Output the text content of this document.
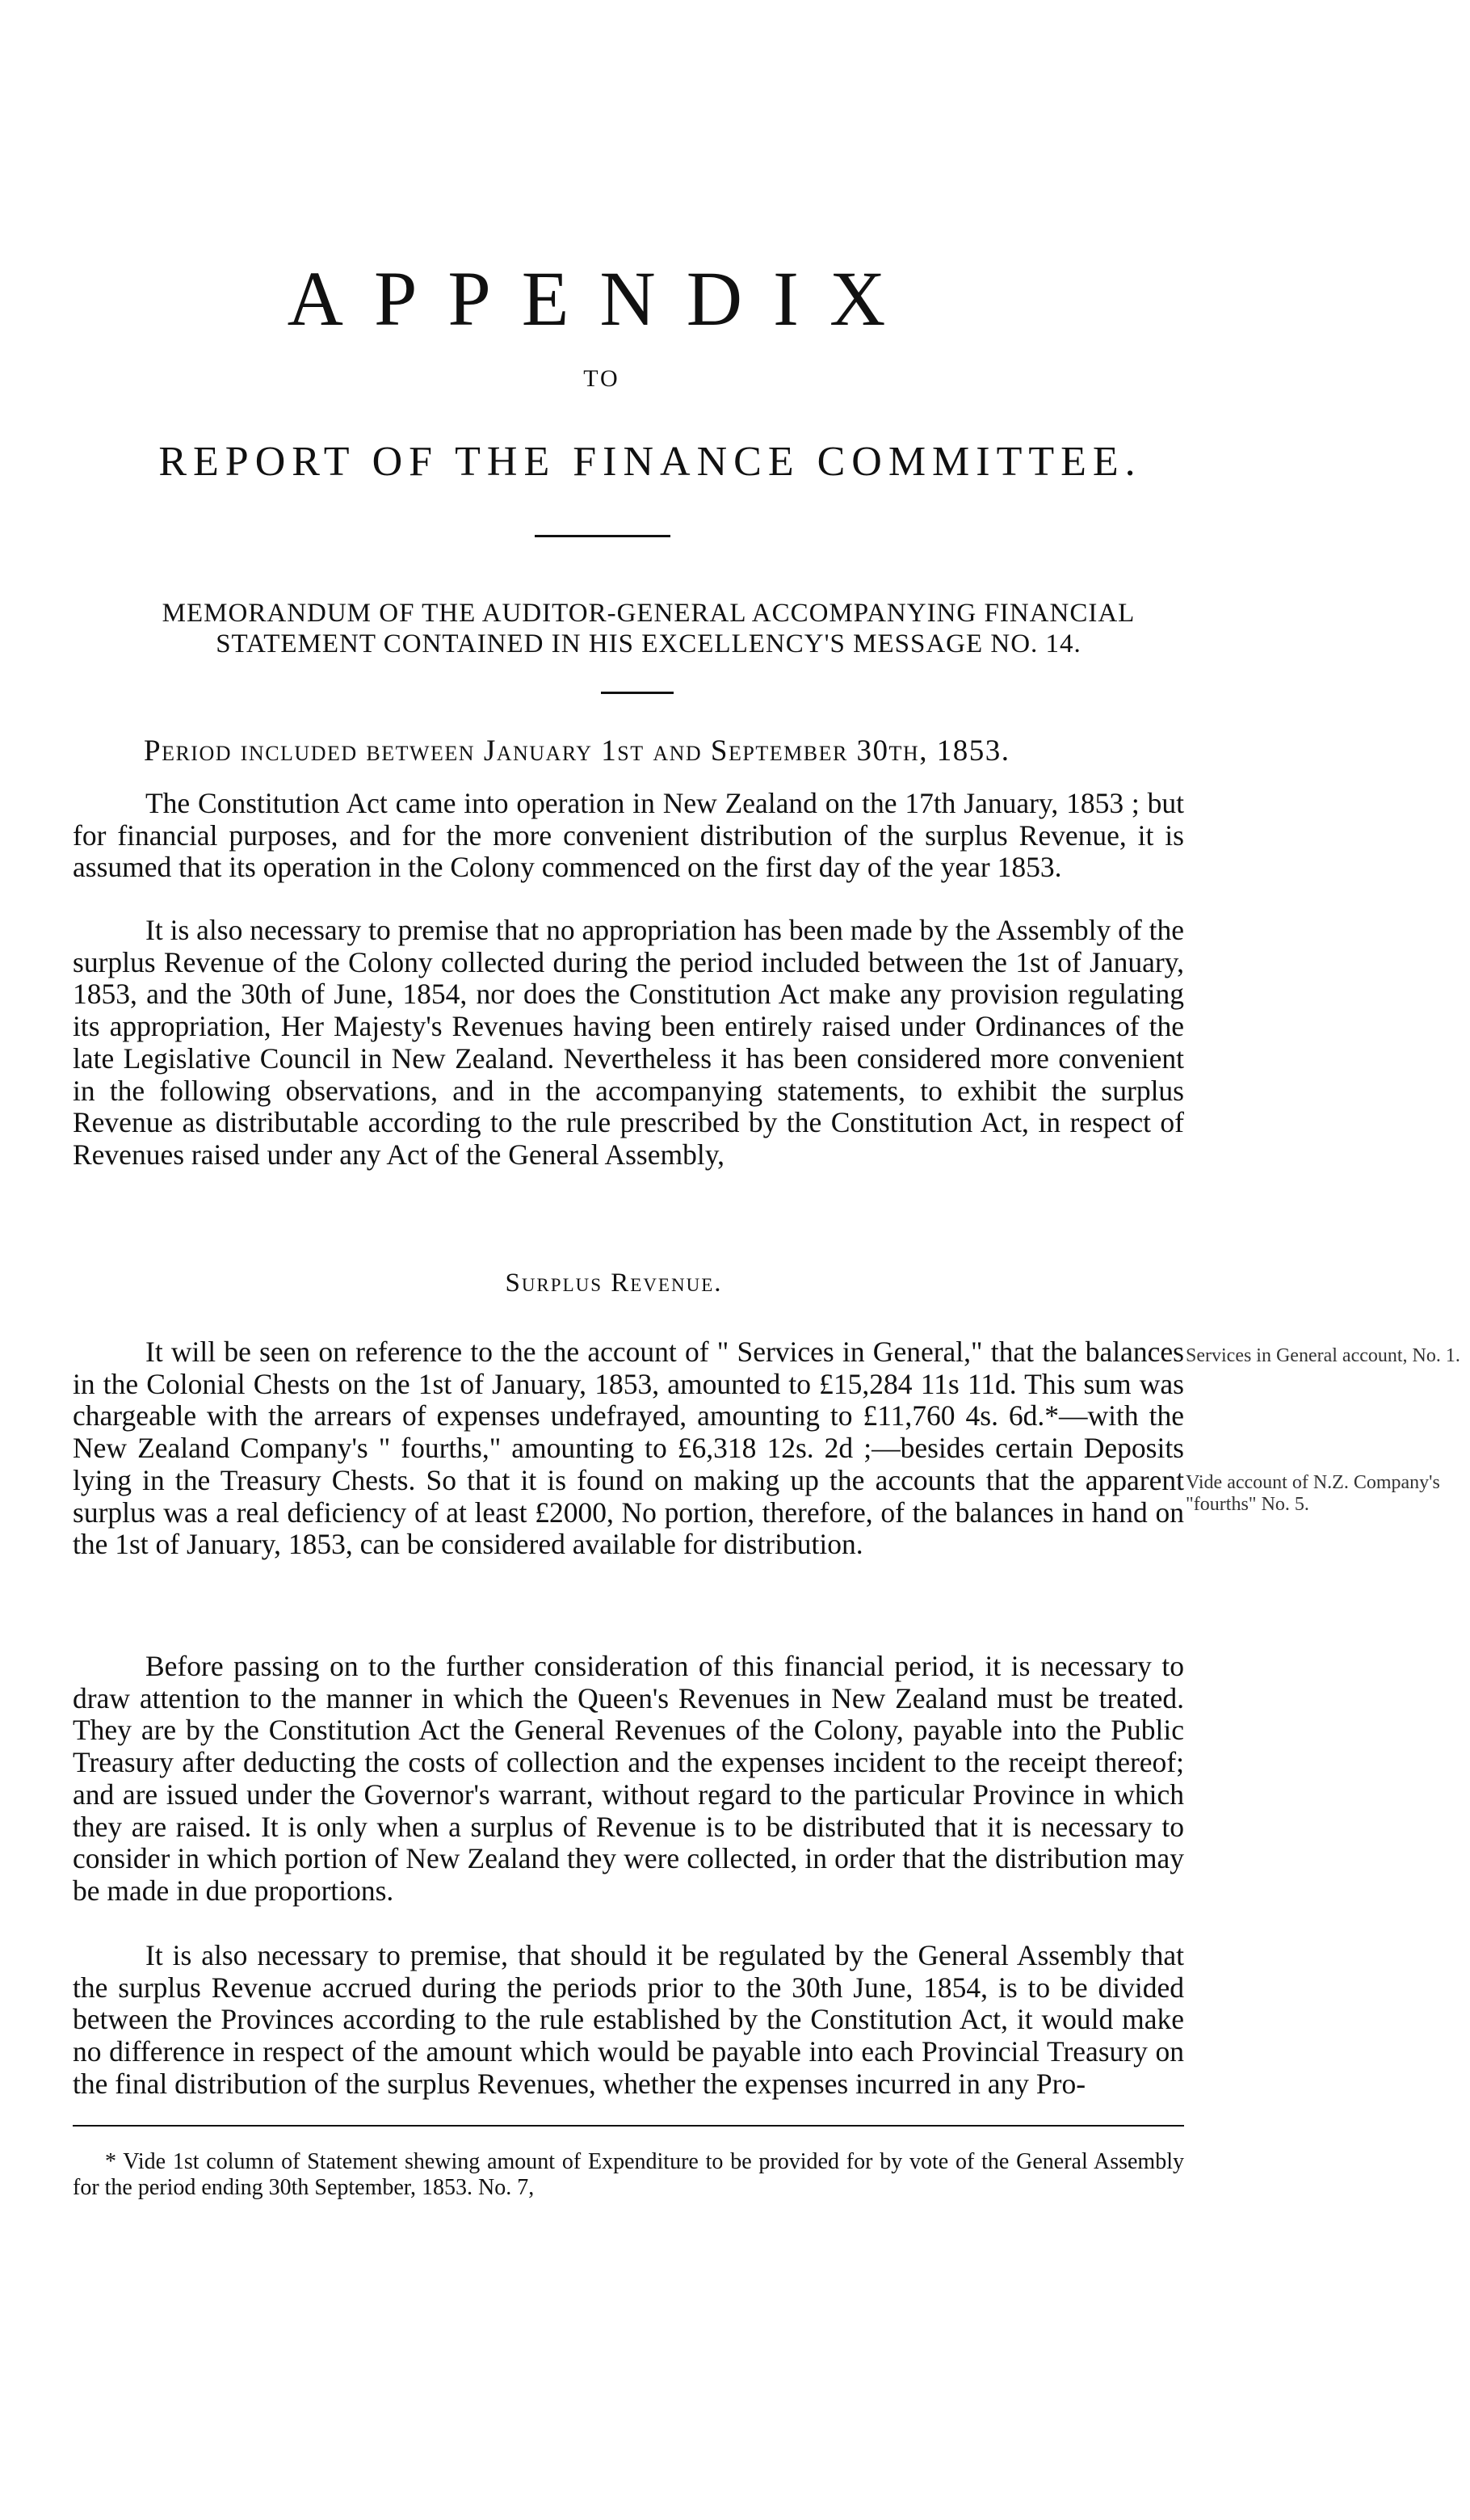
APPENDIX
TO
REPORT OF THE FINANCE COMMITTEE.
MEMORANDUM OF THE AUDITOR-GENERAL ACCOMPANYING FINANCIAL STATEMENT CONTAINED IN HIS EXCELLENCY'S MESSAGE NO. 14.
Period included between January 1st and September 30th, 1853.

The Constitution Act came into operation in New Zealand on the 17th January, 1853 ; but for financial purposes, and for the more convenient distribution of the surplus Revenue, it is assumed that its operation in the Colony commenced on the first day of the year 1853.

It is also necessary to premise that no appropriation has been made by the Assembly of the surplus Revenue of the Colony collected during the period included between the 1st of January, 1853, and the 30th of June, 1854, nor does the Constitution Act make any provision regulating its appropriation, Her Majesty's Revenues having been entirely raised under Ordinances of the late Legislative Council in New Zealand. Nevertheless it has been considered more convenient in the following observations, and in the accompanying statements, to exhibit the surplus Revenue as distributable according to the rule prescribed by the Constitution Act, in respect of Revenues raised under any Act of the General Assembly,

Surplus Revenue.

It will be seen on reference to the the account of " Services in General," that the balances in the Colonial Chests on the 1st of January, 1853, amounted to £15,284 11s 11d. This sum was chargeable with the arrears of expenses undefrayed, amounting to £11,760 4s. 6d.*—with the New Zealand Company's " fourths," amounting to £6,318 12s. 2d ;—besides certain Deposits lying in the Treasury Chests. So that it is found on making up the accounts that the apparent surplus was a real deficiency of at least £2000, No portion, therefore, of the balances in hand on the 1st of January, 1853, can be considered available for distribution.

Before passing on to the further consideration of this financial period, it is necessary to draw attention to the manner in which the Queen's Revenues in New Zealand must be treated. They are by the Constitution Act the General Revenues of the Colony, payable into the Public Treasury after deducting the costs of collection and the expenses incident to the receipt thereof; and are issued under the Governor's warrant, without regard to the particular Province in which they are raised. It is only when a surplus of Revenue is to be distributed that it is necessary to consider in which portion of New Zealand they were collected, in order that the distribution may be made in due proportions.

It is also necessary to premise, that should it be regulated by the General Assembly that the surplus Revenue accrued during the periods prior to the 30th June, 1854, is to be divided between the Provinces according to the rule established by the Constitution Act, it would make no difference in respect of the amount which would be payable into each Provincial Treasury on the final distribution of the surplus Revenues, whether the expenses incurred in any Pro-

Services in General account, No. 1.
Vide account of N.Z. Company's "fourths" No. 5.
* Vide 1st column of Statement shewing amount of Expenditure to be provided for by vote of the General Assembly for the period ending 30th September, 1853. No. 7,
